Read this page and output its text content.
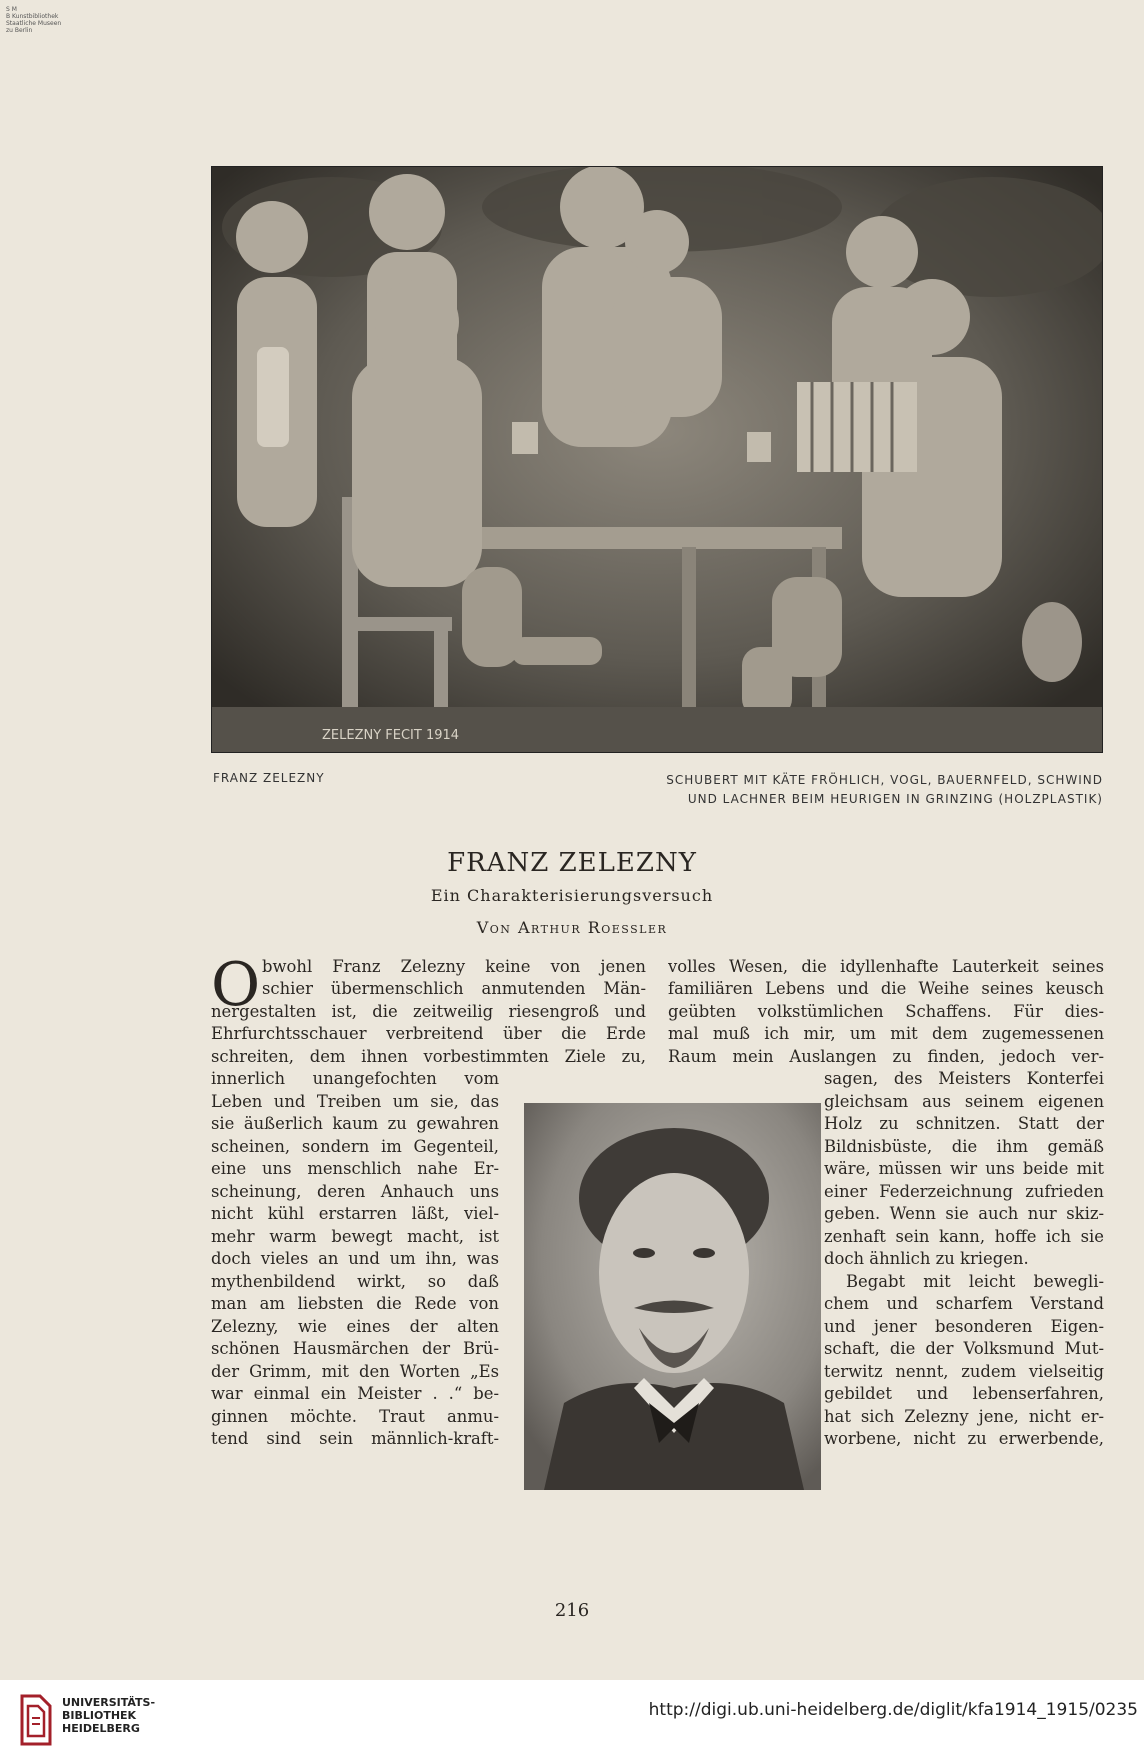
S M
B Kunstbibliothek
Staatliche Museen
zu Berlin
ZELEZNY FECIT 1914
FRANZ ZELEZNY	SCHUBERT MIT KÄTE FRÖHLICH, VOGL, BAUERNFELD, SCHWIND
UND LACHNER BEIM HEURIGEN IN GRINZING (HOLZPLASTIK)
FRANZ ZELEZNY
Ein Charakterisierungsversuch
Von Arthur Roessler
O bwohl Franz Zelezny keine von jenen
schier übermenschlich anmutenden Män-
nergestalten ist, die zeitweilig riesengroß und
Ehrfurchtsschauer verbreitend über die Erde
schreiten, dem ihnen vorbestimmten Ziele zu,
innerlich unangefochten vom
Leben und Treiben um sie, das
sie äußerlich kaum zu gewahren
scheinen, sondern im Gegenteil,
eine uns menschlich nahe Er-
scheinung, deren Anhauch uns
nicht kühl erstarren läßt, viel-
mehr warm bewegt macht, ist
doch vieles an und um ihn, was
mythenbildend wirkt, so daß
man am liebsten die Rede von
Zelezny, wie eines der alten
schönen Hausmärchen der Brü-
der Grimm, mit den Worten „Es
war einmal ein Meister . .“ be-
ginnen möchte. Traut anmu-
tend sind sein männlich-kraft-
volles Wesen, die idyllenhafte Lauterkeit seines
familiären Lebens und die Weihe seines keusch
geübten volkstümlichen Schaffens. Für dies-
mal muß ich mir, um mit dem zugemessenen
Raum mein Auslangen zu finden, jedoch ver-
sagen, des Meisters Konterfei
gleichsam aus seinem eigenen
Holz zu schnitzen. Statt der
Bildnisbüste, die ihm gemäß
wäre, müssen wir uns beide mit
einer Federzeichnung zufrieden
geben. Wenn sie auch nur skiz-
zenhaft sein kann, hoffe ich sie
doch ähnlich zu kriegen.
Begabt mit leicht bewegli-
chem und scharfem Verstand
und jener besonderen Eigen-
schaft, die der Volksmund Mut-
terwitz nennt, zudem vielseitig
gebildet und lebenserfahren,
hat sich Zelezny jene, nicht er-
worbene, nicht zu erwerbende,
216
UNIVERSITÄTS-
BIBLIOTHEK
HEIDELBERG
http://digi.ub.uni-heidelberg.de/diglit/kfa1914_1915/0235
